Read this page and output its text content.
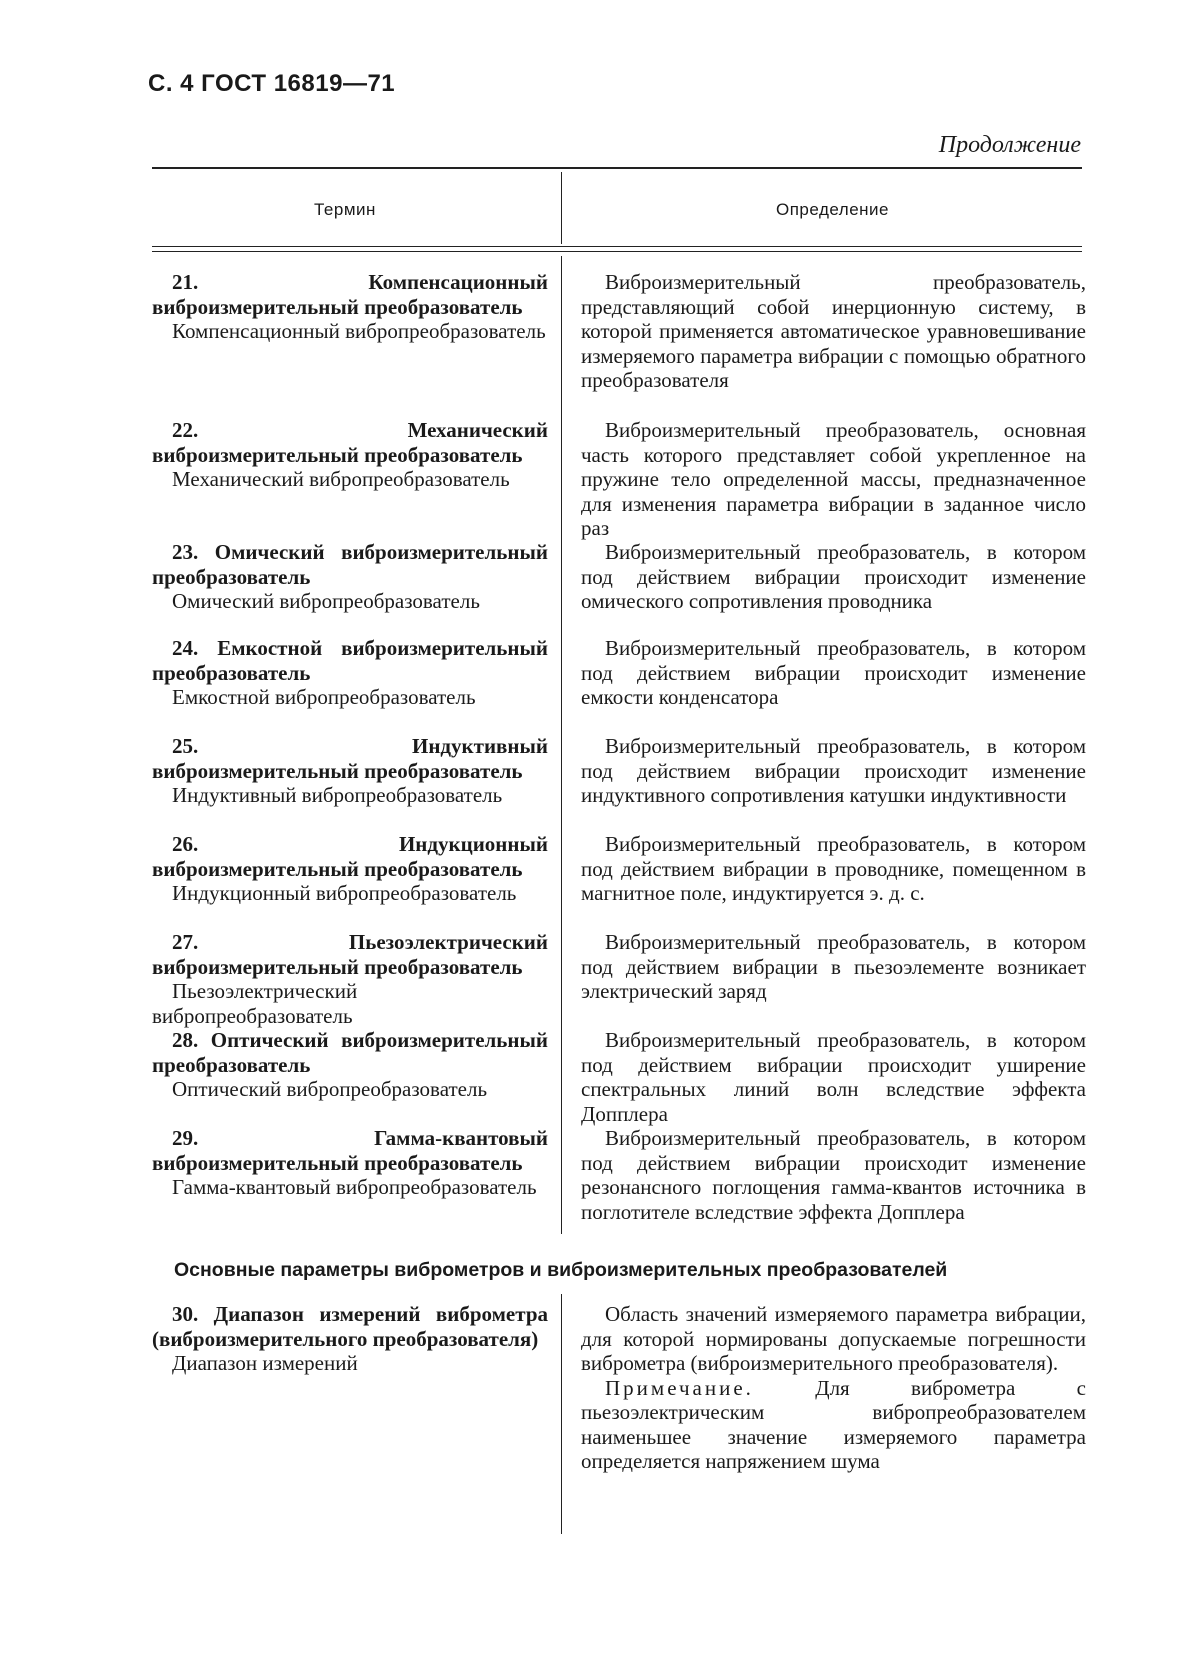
С. 4 ГОСТ 16819—71
Продолжение
Термин	Определение
21. Компенсационный виброизмерительный преобразователь
Компенсационный вибропреобразователь
Виброизмерительный преобразователь, представляющий собой инерционную систему, в которой применяется автоматическое уравновешивание измеряемого параметра вибрации с помощью обратного преобразователя
22. Механический виброизмерительный преобразователь
Механический вибропреобразователь
Виброизмерительный преобразователь, основная часть которого представляет собой укрепленное на пружине тело определенной массы, предназначенное для изменения параметра вибрации в заданное число раз
23. Омический виброизмерительный преобразователь
Омический вибропреобразователь
Виброизмерительный преобразователь, в котором под действием вибрации происходит изменение омического сопротивления проводника
24. Емкостной виброизмерительный преобразователь
Емкостной вибропреобразователь
Виброизмерительный преобразователь, в котором под действием вибрации происходит изменение емкости конденсатора
25. Индуктивный виброизмерительный преобразователь
Индуктивный вибропреобразователь
Виброизмерительный преобразователь, в котором под действием вибрации происходит изменение индуктивного сопротивления катушки индуктивности
26. Индукционный виброизмерительный преобразователь
Индукционный вибропреобразователь
Виброизмерительный преобразователь, в котором под действием вибрации в проводнике, помещенном в магнитное поле, индуктируется э. д. с.
27. Пьезоэлектрический виброизмерительный преобразователь
Пьезоэлектрический вибропреобразователь
Виброизмерительный преобразователь, в котором под действием вибрации в пьезоэлементе возникает электрический заряд
28. Оптический виброизмерительный преобразователь
Оптический вибропреобразователь
Виброизмерительный преобразователь, в котором под действием вибрации происходит уширение спектральных линий волн вследствие эффекта Допплера
29. Гамма-квантовый виброизмерительный преобразователь
Гамма-квантовый вибропреобразователь
Виброизмерительный преобразователь, в котором под действием вибрации происходит изменение резонансного поглощения гамма-квантов источника в поглотителе вследствие эффекта Допплера
Основные параметры виброметров и виброизмерительных преобразователей
30. Диапазон измерений виброметра (виброизмерительного преобразователя)
Диапазон измерений
Область значений измеряемого параметра вибрации, для которой нормированы допускаемые погрешности виброметра (виброизмерительного преобразователя).
Примечание.	Для виброметра с пьезоэлектрическим вибропреобразователем наименьшее значение измеряемого параметра определяется напряжением шума
